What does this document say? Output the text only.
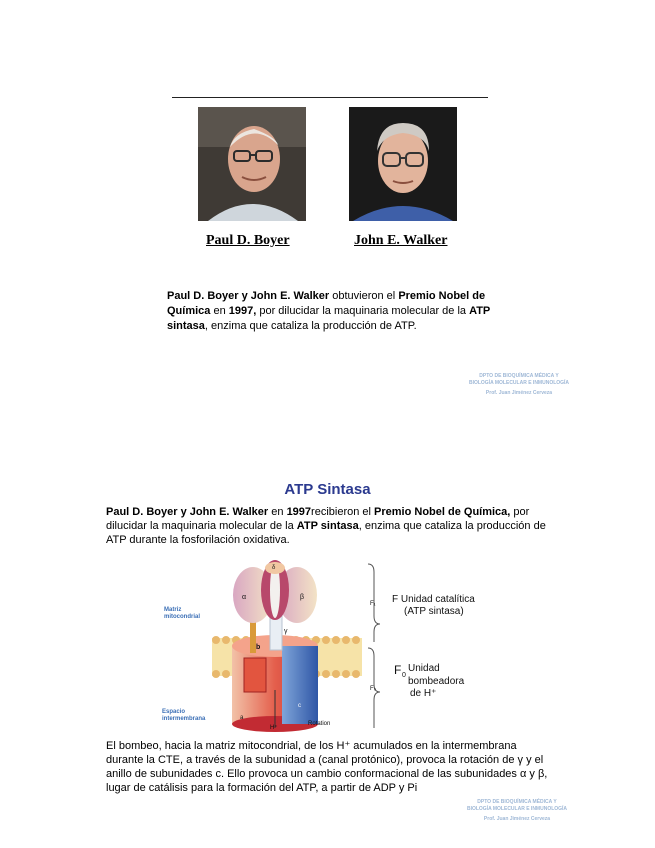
Paul D. Boyer	John E. Walker

Paul D. Boyer y John E. Walker obtuvieron el Premio Nobel de Química en 1997, por dilucidar la maquinaria molecular de la ATP sintasa, enzima que cataliza la producción de ATP.

DPTO DE BIOQUÍMICA MÉDICA Y
BIOLOGÍA MOLECULAR E INMUNOLOGÍA
Prof. Juan Jiménez Cerveza
ATP Sintasa

Paul D. Boyer y John E. Walker en 1997recibieron el Premio Nobel de Química, por dilucidar la maquinaria molecular de la ATP sintasa, enzima que cataliza la producción de ATP durante la fosforilación oxidativa.

Matriz mitocondrial
Espacio intermembrana
F₁
F₀
F Unidad catalítica
(ATP sintasa)
F 0
Unidad
bombeadora
de H⁺
H⁺
Rotation
α	β
γ
δ
b
a
c

El bombeo, hacia la matriz mitocondrial, de los H⁺ acumulados en la intermembrana durante la CTE, a través de la subunidad a (canal protónico), provoca la rotación de γ y el anillo de subunidades c. Ello provoca un cambio conformacional de las subunidades α y β, lugar de catálisis para la formación del ATP, a partir de ADP y Pi

DPTO DE BIOQUÍMICA MÉDICA Y
BIOLOGÍA MOLECULAR E INMUNOLOGÍA
Prof. Juan Jiménez Cerveza
